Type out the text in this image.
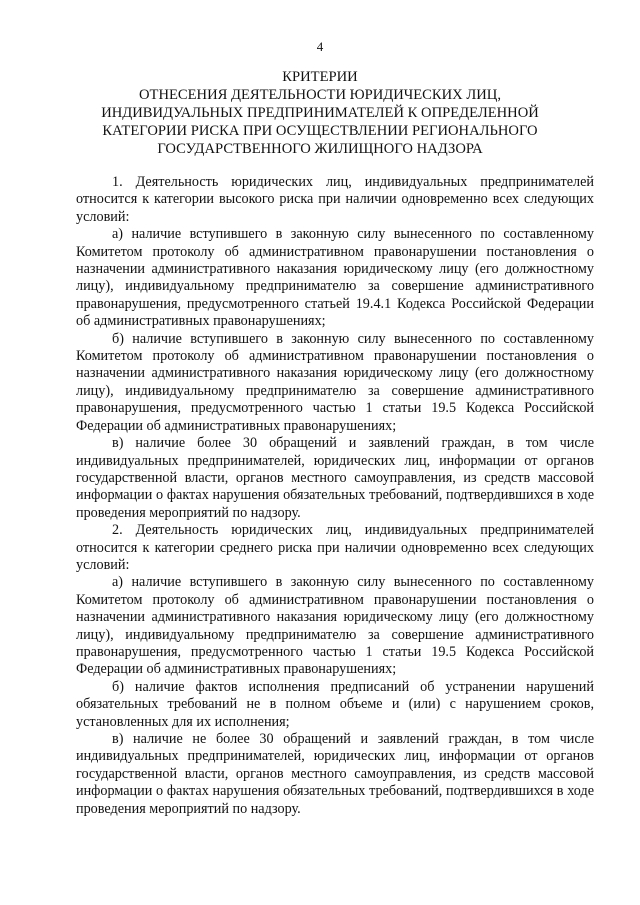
4
КРИТЕРИИ
ОТНЕСЕНИЯ ДЕЯТЕЛЬНОСТИ ЮРИДИЧЕСКИХ ЛИЦ,
ИНДИВИДУАЛЬНЫХ ПРЕДПРИНИМАТЕЛЕЙ К ОПРЕДЕЛЕННОЙ
КАТЕГОРИИ РИСКА ПРИ ОСУЩЕСТВЛЕНИИ РЕГИОНАЛЬНОГО
ГОСУДАРСТВЕННОГО ЖИЛИЩНОГО НАДЗОРА

1. Деятельность юридических лиц, индивидуальных предпринимателей относится к категории высокого риска при наличии одновременно всех следующих условий:

а) наличие вступившего в законную силу вынесенного по составленному Комитетом протоколу об административном правонарушении постановления о назначении административного наказания юридическому лицу (его должностному лицу), индивидуальному предпринимателю за совершение административного правонарушения, предусмотренного статьей 19.4.1 Кодекса Российской Федерации об административных правонарушениях;

б) наличие вступившего в законную силу вынесенного по составленному Комитетом протоколу об административном правонарушении постановления о назначении административного наказания юридическому лицу (его должностному лицу), индивидуальному предпринимателю за совершение административного правонарушения, предусмотренного частью 1 статьи 19.5 Кодекса Российской Федерации об административных правонарушениях;

в) наличие более 30 обращений и заявлений граждан, в том числе индивидуальных предпринимателей, юридических лиц, информации от органов государственной власти, органов местного самоуправления, из средств массовой информации о фактах нарушения обязательных требований, подтвердившихся в ходе проведения мероприятий по надзору.

2. Деятельность юридических лиц, индивидуальных предпринимателей относится к категории среднего риска при наличии одновременно всех следующих условий:

а) наличие вступившего в законную силу вынесенного по составленному Комитетом протоколу об административном правонарушении постановления о назначении административного наказания юридическому лицу (его должностному лицу), индивидуальному предпринимателю за совершение административного правонарушения, предусмотренного частью 1 статьи 19.5 Кодекса Российской Федерации об административных правонарушениях;

б) наличие фактов исполнения предписаний об устранении нарушений обязательных требований не в полном объеме и (или) с нарушением сроков, установленных для их исполнения;

в) наличие не более 30 обращений и заявлений граждан, в том числе индивидуальных предпринимателей, юридических лиц, информации от органов государственной власти, органов местного самоуправления, из средств массовой информации о фактах нарушения обязательных требований, подтвердившихся в ходе проведения мероприятий по надзору.
